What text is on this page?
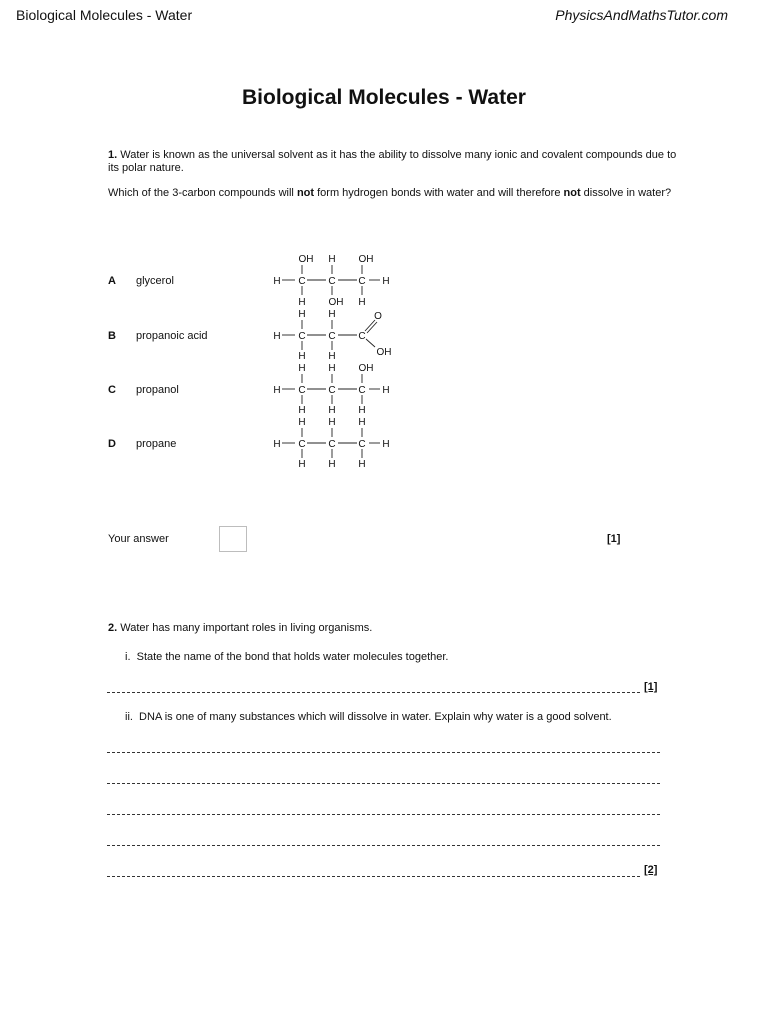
Biological Molecules - Water	PhysicsAndMathsTutor.com
Biological Molecules - Water
1. Water is known as the universal solvent as it has the ability to dissolve many ionic and covalent compounds due to its polar nature.
Which of the 3-carbon compounds will not form hydrogen bonds with water and will therefore not dissolve in water?
A glycerol
B propanoic acid
C propanol
D propane
OH H OH
H C C C H
H OH H
H H	O
H C C C
H H	OH
H H OH
H C C C H
H H H
H H H
H C C C H
H H H
Your answer	[1]
2. Water has many important roles in living organisms.
i.  State the name of the bond that holds water molecules together.
[1]
ii.  DNA is one of many substances which will dissolve in water. Explain why water is a good solvent.
[2]
